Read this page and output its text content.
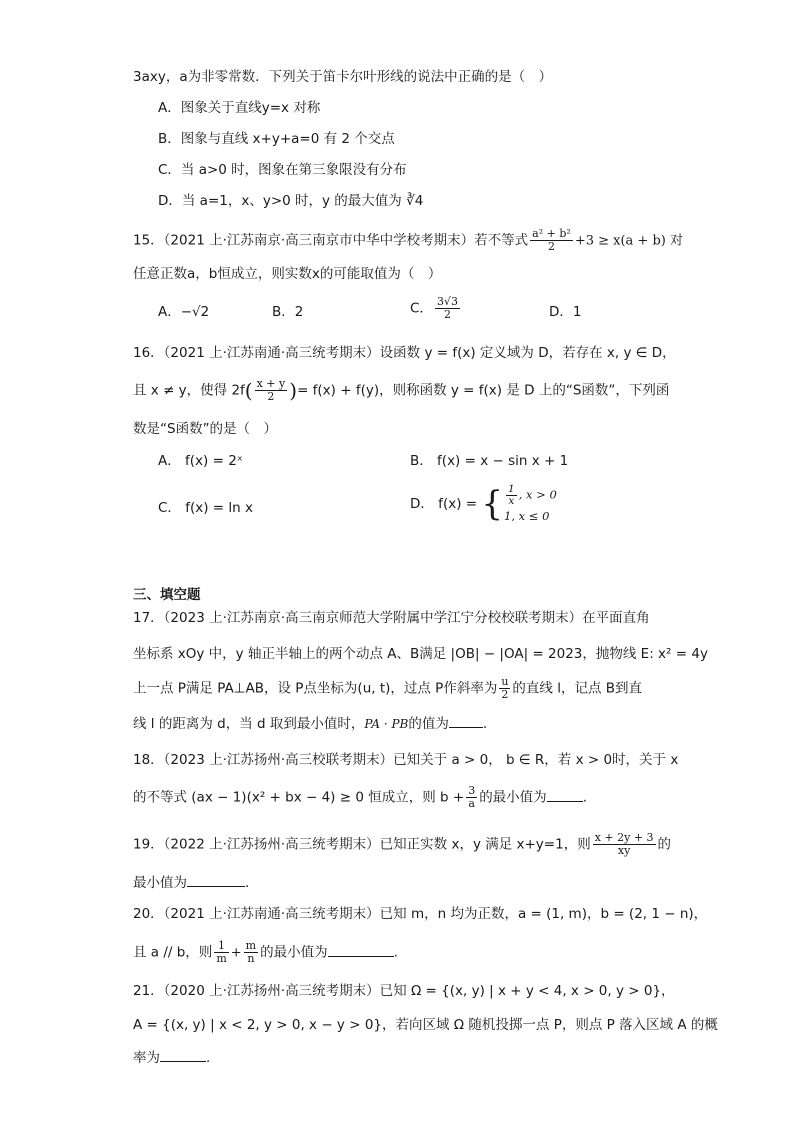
3axy，a为非零常数．下列关于笛卡尔叶形线的说法中正确的是（　）
A．图象关于直线y=x 对称
B．图象与直线 x+y+a=0 有 2 个交点
C．当 a>0 时，图象在第三象限没有分布
D．当 a=1，x、y>0 时，y 的最大值为 ∛4
15．（2021 上·江苏南京·高三南京市中华中学校考期末）若不等式 $\frac{\text{a² + b²}}{2} +3 \ge x(a + b)$ 对
任意正数a，b恒成立，则实数x的可能取值为（　）
A．−√2	B．2	C． $\frac{3√3}{2}$	D．1
16．（2021 上·江苏南通·高三统考期末）设函数 y = f(x) 定义域为 D，若存在 x, y ∈ D，
且 x ≠ y，使得 $2f( \frac{x + y}{2}$ )= f(x) + f(y)，则称函数 y = f(x) 是 D 上的“S函数”，下列函
数是“S函数”的是（　）
A． f(x) = 2ˣ	B． f(x) = x − sin x + 1
C． f(x) = ln x	D． f(x) = { $\frac{1}{x}$ , x > 0
1, x ≤ 0
三、填空题
17．（2023 上·江苏南京·高三南京师范大学附属中学江宁分校校联考期末）在平面直角
坐标系 xOy 中，y 轴正半轴上的两个动点 A、B满足 |OB| − |OA| = 2023，抛物线 E: x² = 4y
上一点 P满足 PA⊥AB，设 P点坐标为(u, t)，过点 P作斜率为 $\frac{u}{2}$ 的直线 l，记点 B到直
线 l 的距离为 d，当 d 取到最小值时，PA · PB的值为	.
18．（2023 上·江苏扬州·高三校联考期末）已知关于 a > 0， b ∈ R，若 x > 0时，关于 x
的不等式 (ax − 1)(x² + bx − 4) ≥ 0 恒成立，则 $b + \frac{3}{a}$ 的最小值为	.
19．（2022 上·江苏扬州·高三统考期末）已知正实数 x，y 满足 x+y=1，则 $\frac{x + 2y + 3}{xy}$ 的
最小值为	.
20．（2021 上·江苏南通·高三统考期末）已知 m，n 均为正数，a = (1, m)，b = (2, 1 − n)，
且 a // b，则 $\frac{1}{m} + \frac{m}{n}$ 的最小值为	.
21．（2020 上·江苏扬州·高三统考期末）已知 Ω = {(x, y) | x + y < 4, x > 0, y > 0}，
A = {(x, y) | x < 2, y > 0, x − y > 0}，若向区域 Ω 随机投掷一点 P，则点 P 落入区域 A 的概
率为	.
